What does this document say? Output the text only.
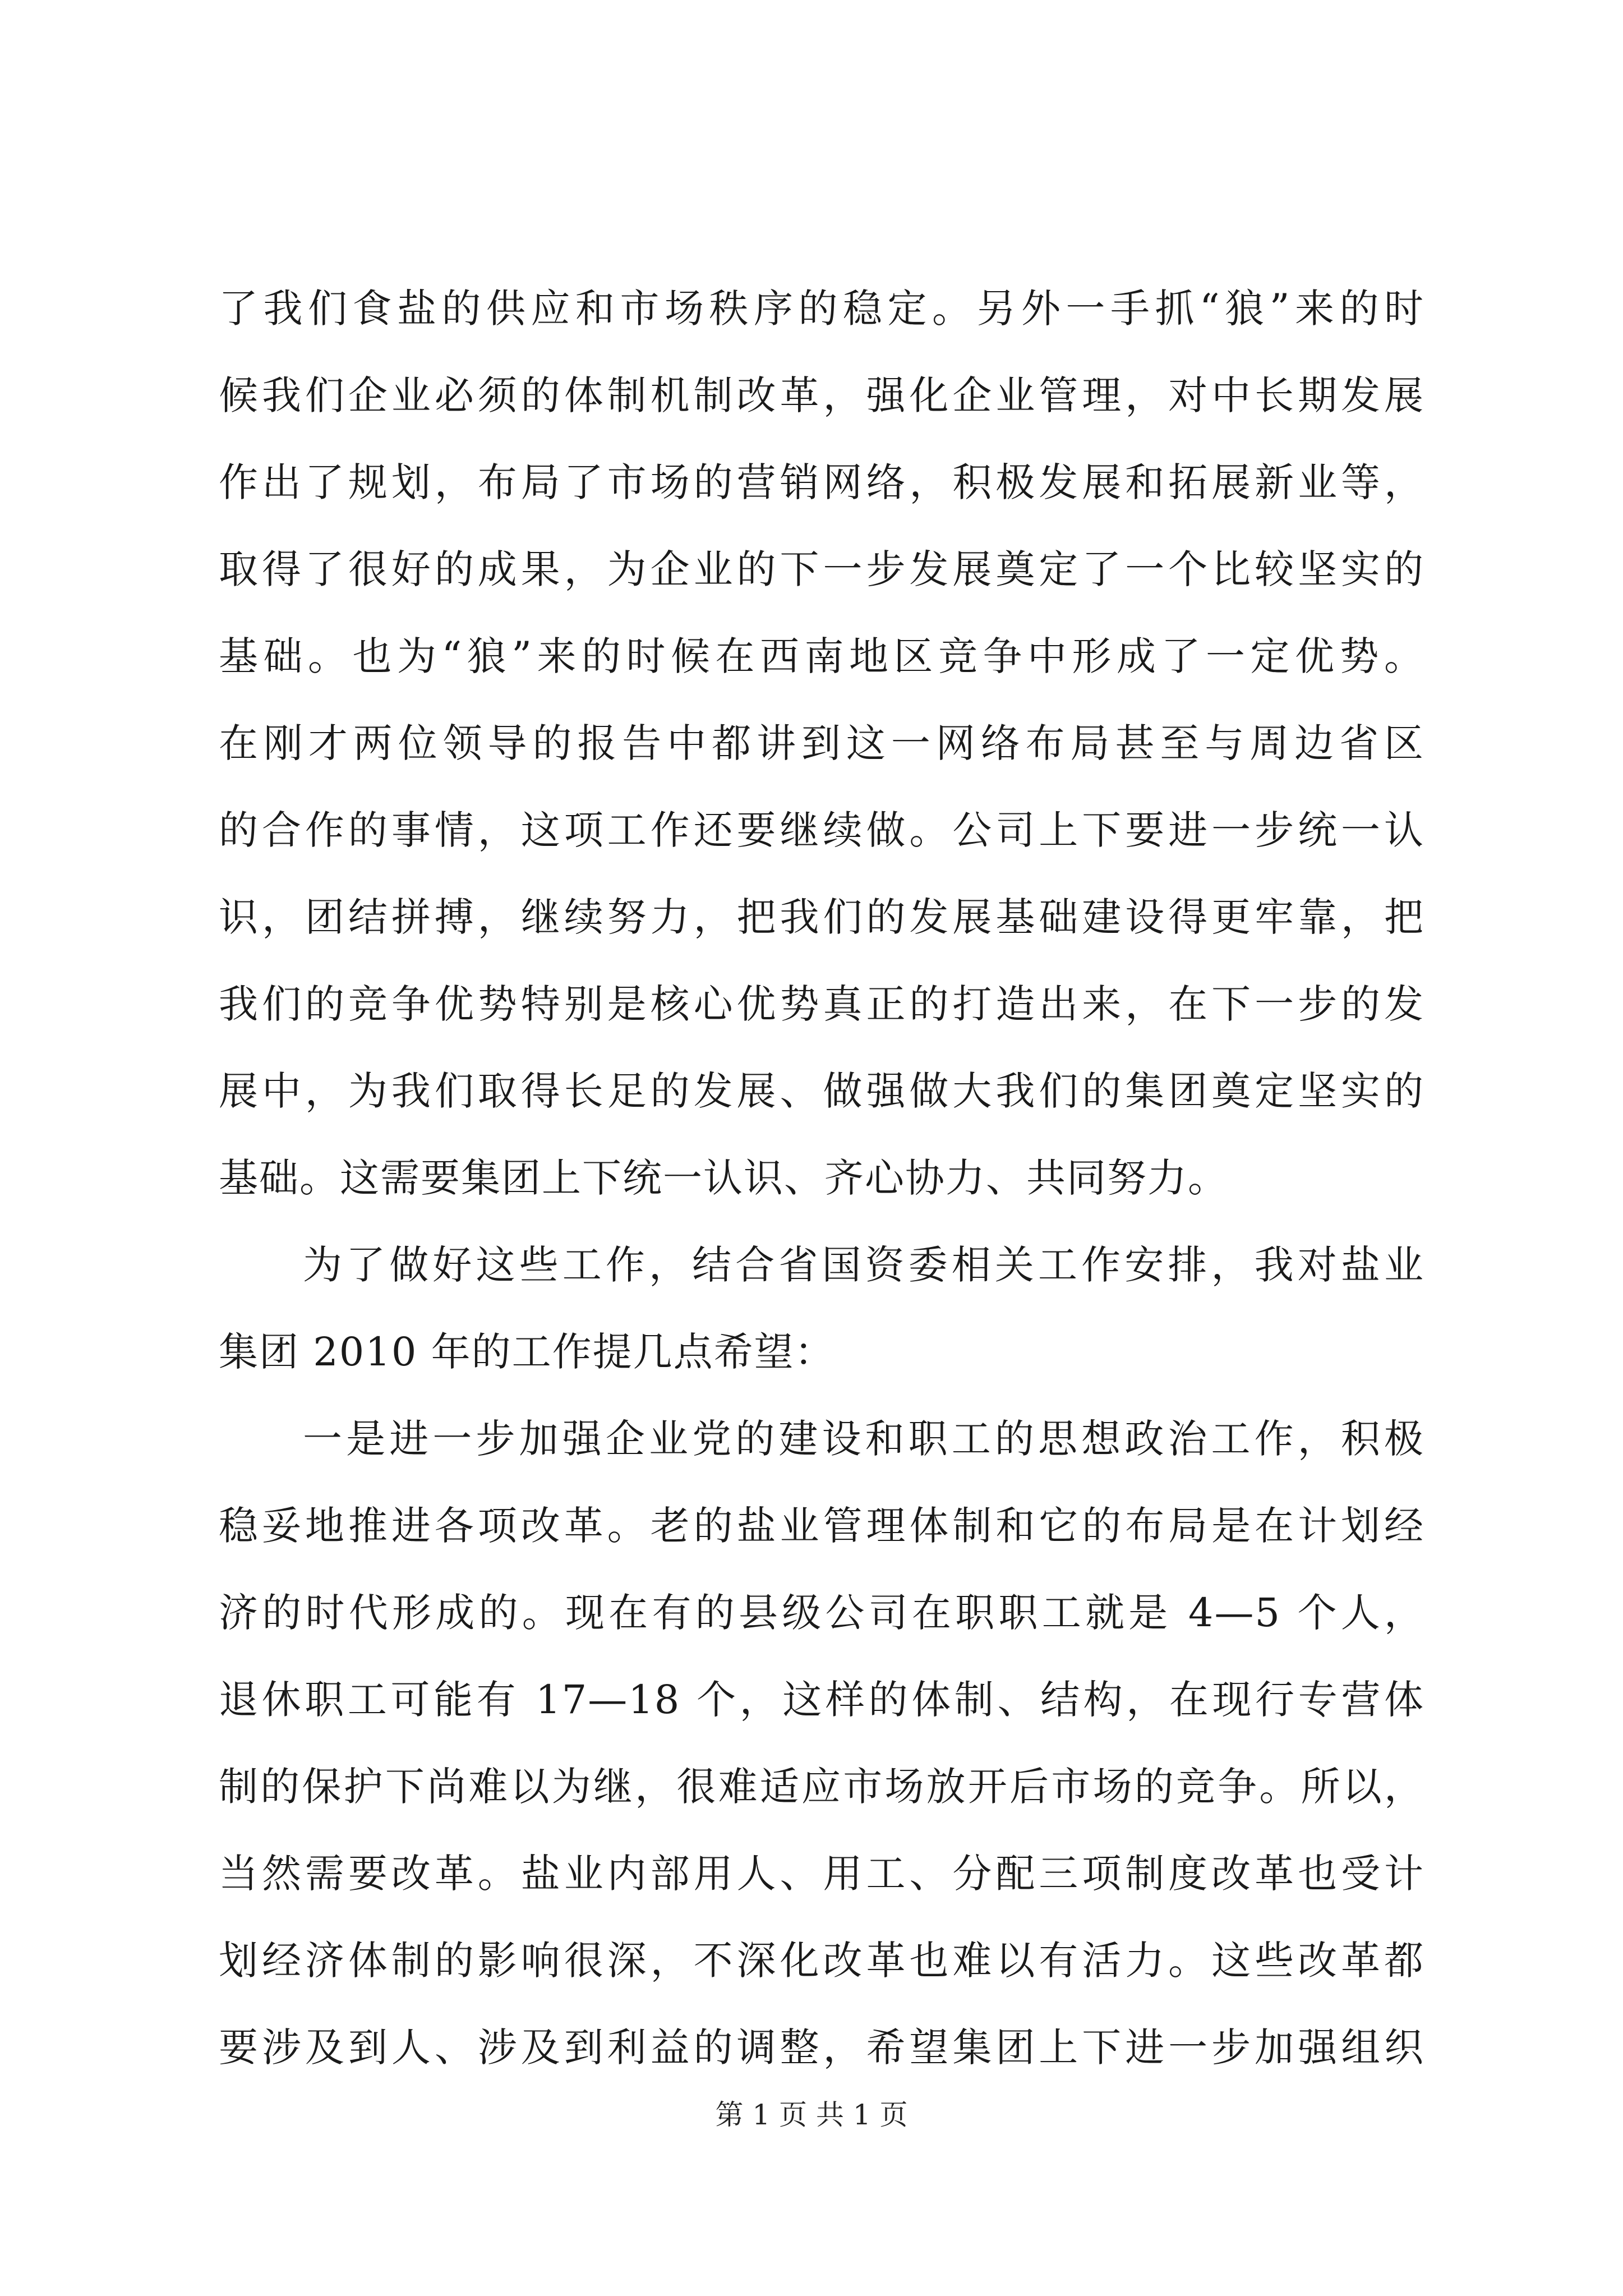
了我们食盐的供应和市场秩序的稳定。另外一手抓“狼”来的时
候我们企业必须的体制机制改革，强化企业管理，对中长期发展
作出了规划，布局了市场的营销网络，积极发展和拓展新业等，
取得了很好的成果，为企业的下一步发展奠定了一个比较坚实的
基础。也为“狼”来的时候在西南地区竞争中形成了一定优势。
在刚才两位领导的报告中都讲到这一网络布局甚至与周边省区
的合作的事情，这项工作还要继续做。公司上下要进一步统一认
识，团结拼搏，继续努力，把我们的发展基础建设得更牢靠，把
我们的竞争优势特别是核心优势真正的打造出来，在下一步的发
展中，为我们取得长足的发展、做强做大我们的集团奠定坚实的
基础。这需要集团上下统一认识、齐心协力、共同努力。
为了做好这些工作，结合省国资委相关工作安排，我对盐业
集团 2010 年的工作提几点希望：
一是进一步加强企业党的建设和职工的思想政治工作，积极
稳妥地推进各项改革。老的盐业管理体制和它的布局是在计划经
济的时代形成的。现在有的县级公司在职职工就是 4—5 个人，
退休职工可能有 17—18 个，这样的体制、结构，在现行专营体
制的保护下尚难以为继，很难适应市场放开后市场的竞争。所以，
当然需要改革。盐业内部用人、用工、分配三项制度改革也受计
划经济体制的影响很深，不深化改革也难以有活力。这些改革都
要涉及到人、涉及到利益的调整，希望集团上下进一步加强组织
第 1 页 共 1 页
